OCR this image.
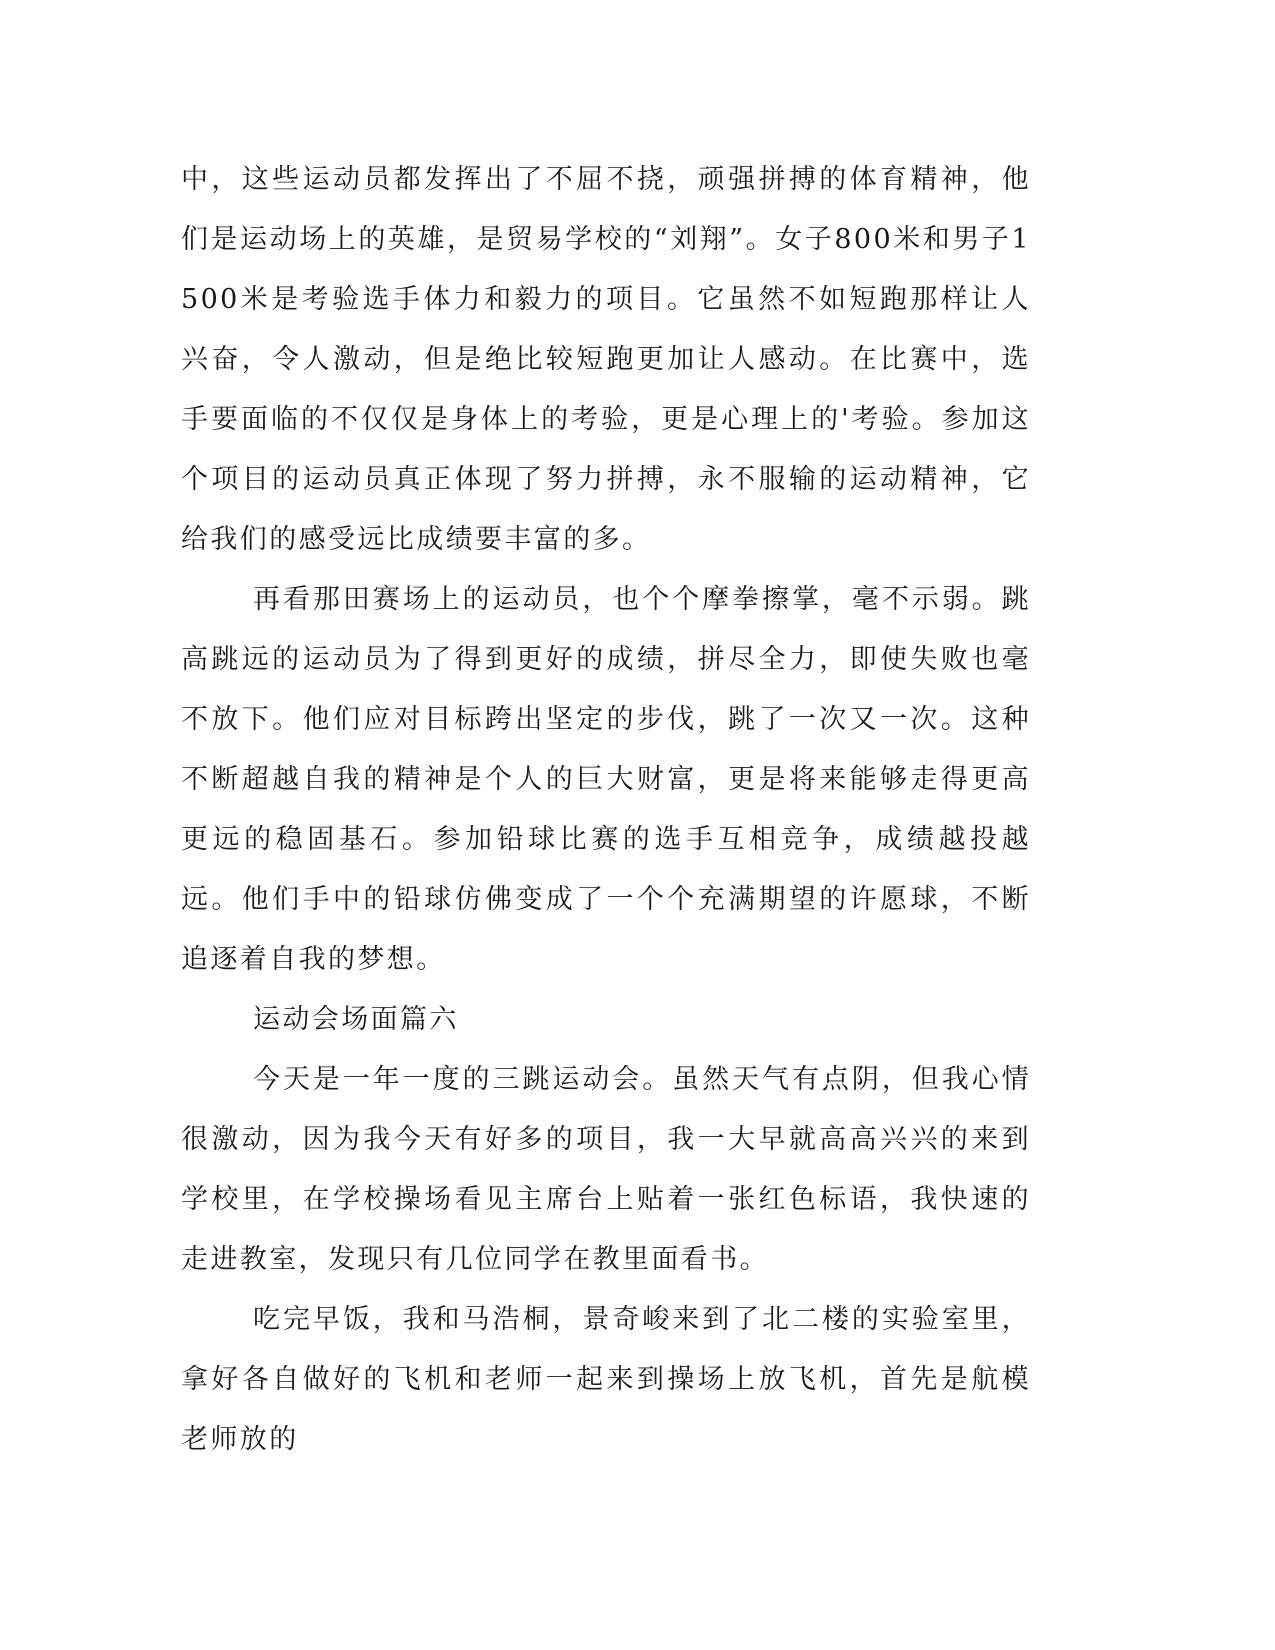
中，这些运动员都发挥出了不屈不挠，顽强拼搏的体育精神，他们是运动场上的英雄，是贸易学校的“刘翔”。女子800米和男子1500米是考验选手体力和毅力的项目。它虽然不如短跑那样让人兴奋，令人激动，但是绝比较短跑更加让人感动。在比赛中，选手要面临的不仅仅是身体上的考验，更是心理上的'考验。参加这个项目的运动员真正体现了努力拼搏，永不服输的运动精神，它给我们的感受远比成绩要丰富的多。

再看那田赛场上的运动员，也个个摩拳擦掌，毫不示弱。跳高跳远的运动员为了得到更好的成绩，拼尽全力，即使失败也毫不放下。他们应对目标跨出坚定的步伐，跳了一次又一次。这种不断超越自我的精神是个人的巨大财富，更是将来能够走得更高更远的稳固基石。参加铅球比赛的选手互相竞争，成绩越投越远。他们手中的铅球仿佛变成了一个个充满期望的许愿球，不断追逐着自我的梦想。

运动会场面篇六

今天是一年一度的三跳运动会。虽然天气有点阴，但我心情很激动，因为我今天有好多的项目，我一大早就高高兴兴的来到学校里，在学校操场看见主席台上贴着一张红色标语，我快速的走进教室，发现只有几位同学在教里面看书。

吃完早饭，我和马浩桐，景奇峻来到了北二楼的实验室里，拿好各自做好的飞机和老师一起来到操场上放飞机，首先是航模老师放的
